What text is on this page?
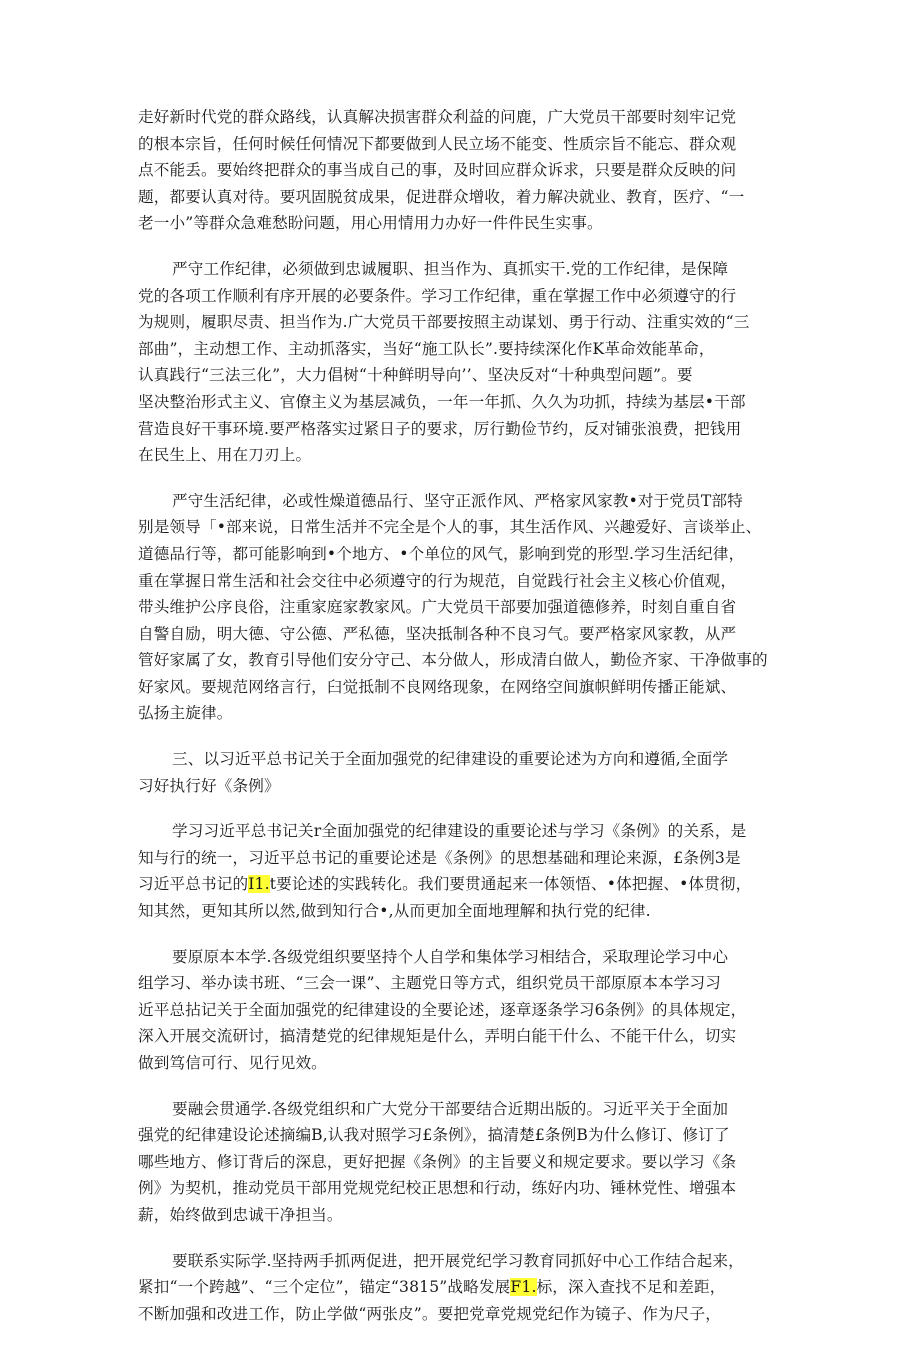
走好新时代党的群众路线，认真解决损害群众利益的问鹿，广大党员干部要时刻牢记党
的根本宗旨，任何时候任何情况下都要做到人民立场不能变、性质宗旨不能忘、群众观
点不能丢。要始终把群众的事当成自己的事，及时回应群众诉求，只要是群众反映的问
题，都要认真对待。要巩固脱贫成果，促进群众增收，着力解决就业、教育，医疗、“一
老一小”等群众急难愁盼问题，用心用情用力办好一件件民生实事。

严守工作纪律，必须做到忠诚履职、担当作为、真抓实干.党的工作纪律，是保障
党的各项工作顺利有序开展的必要条件。学习工作纪律，重在掌握工作中必须遵守的行
为规则，履职尽责、担当作为.广大党员干部要按照主动谋划、勇于行动、注重实效的“三
部曲”，主动想工作、主动抓落实，当好“施工队长”.要持续深化作K革命效能革命，
认真践行“三法三化”，大力倡树“十种鲜明导向’’、坚决反对“十种典型问题”。要
坚决整治形式主义、官僚主义为基层减负，一年一年抓、久久为功抓，持续为基层•干部
营造良好干事环境.要严格落实过紧日子的要求，厉行勤俭节约，反对铺张浪费，把钱用
在民生上、用在刀刃上。

严守生活纪律，必或性燥道德品行、坚守正派作风、严格家风家教•对于党员T部特
别是领导「•部来说，日常生活并不完全是个人的事，其生活作风、兴趣爱好、言谈举止、
道德品行等，都可能影响到•个地方、•个单位的风气，影响到党的形型.学习生活纪律，
重在掌握日常生活和社会交往中必须遵守的行为规范，自觉践行社会主义核心价值观，
带头维护公序良俗，注重家庭家教家风。广大党员干部要加强道德修养，时刻自重自省
自警自励，明大德、守公德、严私德，坚决抵制各种不良习气。要严格家风家教，从严
管好家属了女，教育引导他们安分守己、本分做人，形成清白做人，勤俭齐家、干净做事的
好家风。要规范网络言行，臼觉抵制不良网络现象，在网络空间旗帜鲜明传播正能斌、
弘扬主旋律。

三、以习近平总书记关于全面加强党的纪律建设的重要论述为方向和遵循,全面学
习好执行好《条例》

学习习近平总书记关r全面加强党的纪律建设的重要论述与学习《条例》的关系，是
知与行的统一，习近平总书记的重要论述是《条例》的思想基础和理论来源，£条例3是
习近平总书记的I1.t要论述的实践转化。我们要贯通起来一体领悟、•体把握、•体贯彻，
知其然，更知其所以然,做到知行合•,从而更加全面地理解和执行党的纪律.

要原原本本学.各级党组织要坚持个人自学和集体学习相结合，采取理论学习中心
组学习、举办读书班、“三会一课”、主题党日等方式，组织党员干部原原本本学习习
近平总拈记关于全面加强党的纪律建设的全要论述，逐章逐条学习6条例》的具体规定，
深入开展交流研讨，搞清楚党的纪律规矩是什么，弄明白能干什么、不能干什么，切实
做到笃信可行、见行见效。

要融会贯通学.各级党组织和广大党分干部要结合近期出版的。习近平关于全面加
强党的纪律建设论述摘编B,认我对照学习£条例》，搞清楚£条例B为什么修订、修订了
哪些地方、修订背后的深息，更好把握《条例》的主旨要义和规定要求。要以学习《条
例》为契机，推动党员干部用党规党纪校正思想和行动，练好内功、锤林党性、增强本
薪，始终做到忠诚干净担当。

要联系实际学.坚持两手抓两促进，把开展党纪学习教育同抓好中心工作结合起来，
紧扣“一个跨越”、“三个定位”，锚定“3815”战略发展F1.标，深入查找不足和差距，
不断加强和改进工作，防止学做“两张皮”。要把党章党规党纪作为镜子、作为尺子，
